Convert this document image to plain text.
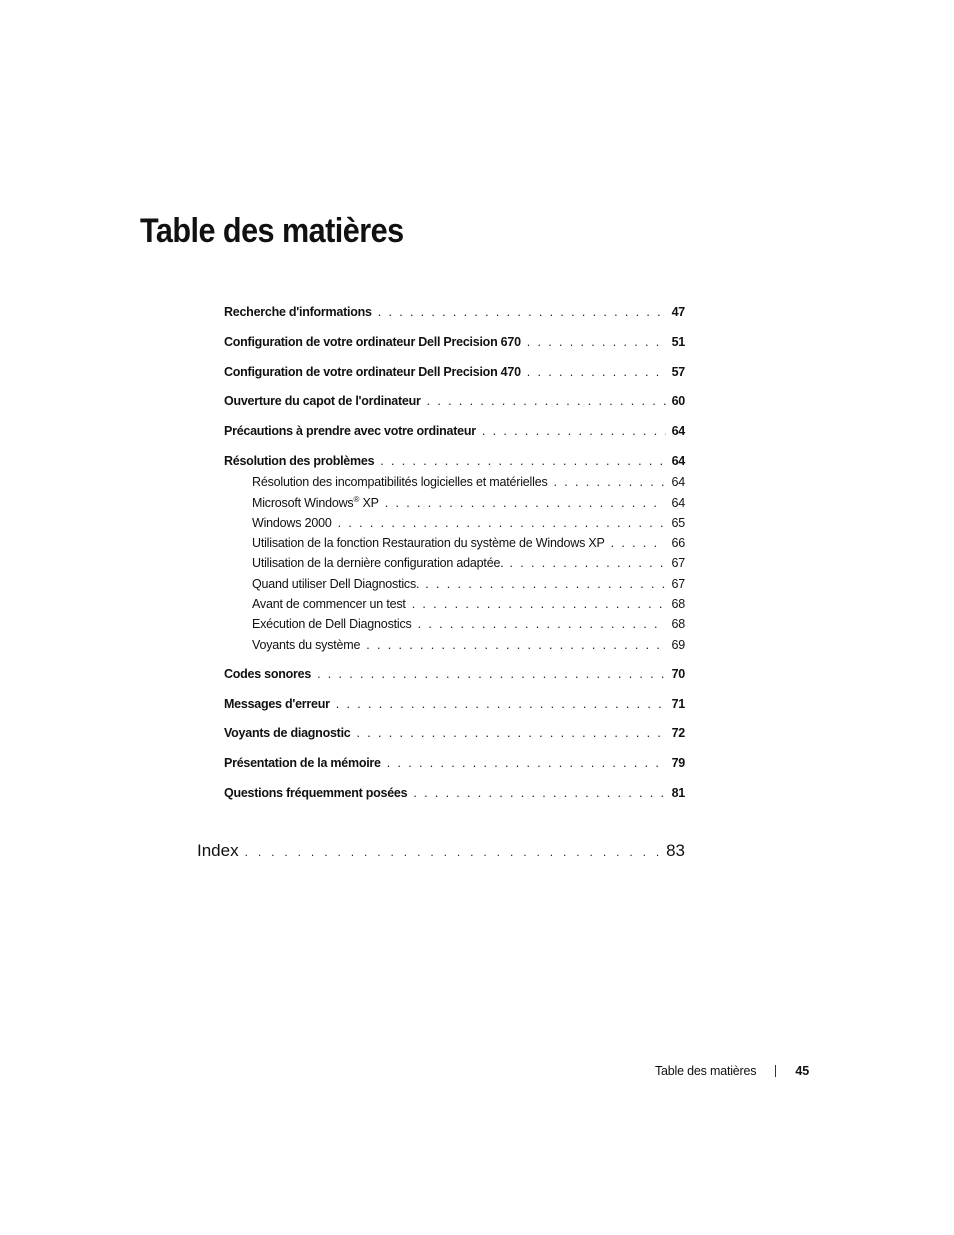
Table des matières
Recherche d'informations . . .	47
Configuration de votre ordinateur Dell Precision 670 . . .	51
Configuration de votre ordinateur Dell Precision 470 . . .	57
Ouverture du capot de l'ordinateur . . .	60
Précautions à prendre avec votre ordinateur . . .	64
Résolution des problèmes . . .	64
Résolution des incompatibilités logicielles et matérielles . . .	64
Microsoft Windows® XP . . .	64
Windows 2000 . . .	65
Utilisation de la fonction Restauration du système de Windows XP . . .	66
Utilisation de la dernière configuration adaptée. . . .	67
Quand utiliser Dell Diagnostics. . . .	67
Avant de commencer un test . . .	68
Exécution de Dell Diagnostics . . .	68
Voyants du système . . .	69
Codes sonores . . .	70
Messages d'erreur . . .	71
Voyants de diagnostic . . .	72
Présentation de la mémoire . . .	79
Questions fréquemment posées . . .	81
Index . . .	83
Table des matières	45
